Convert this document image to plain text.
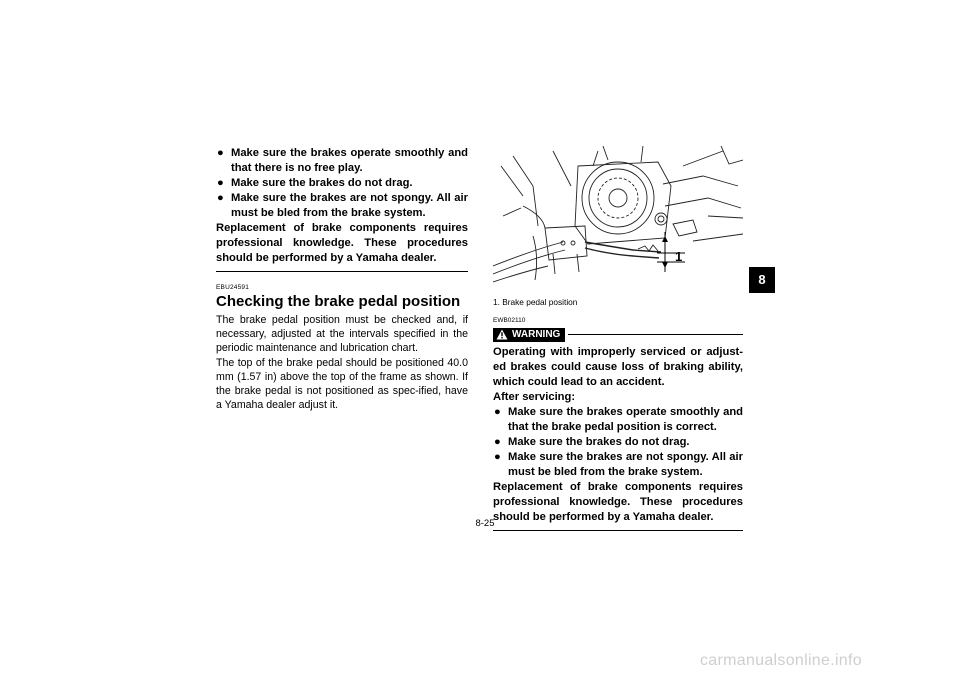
● Make sure the brakes operate smoothly and that there is no free play.
● Make sure the brakes do not drag.
● Make sure the brakes are not spongy. All air must be bled from the brake system.
Replacement of brake components requires professional knowledge. These procedures should be performed by a Yamaha dealer.
EBU24591
Checking the brake pedal position
The brake pedal position must be checked and, if necessary, adjusted at the intervals specified in the periodic maintenance and lubrication chart.
The top of the brake pedal should be positioned 40.0 mm (1.57 in) above the top of the frame as shown. If the brake pedal is not positioned as spec-ified, have a Yamaha dealer adjust it.
1
1. Brake pedal position
EWB02110
WARNING
Operating with improperly serviced or adjust-ed brakes could cause loss of braking ability, which could lead to an accident.
After servicing:
● Make sure the brakes operate smoothly and that the brake pedal position is correct.
● Make sure the brakes do not drag.
● Make sure the brakes are not spongy. All air must be bled from the brake system.
Replacement of brake components requires professional knowledge. These procedures should be performed by a Yamaha dealer.
8
8-25
carmanualsonline.info
